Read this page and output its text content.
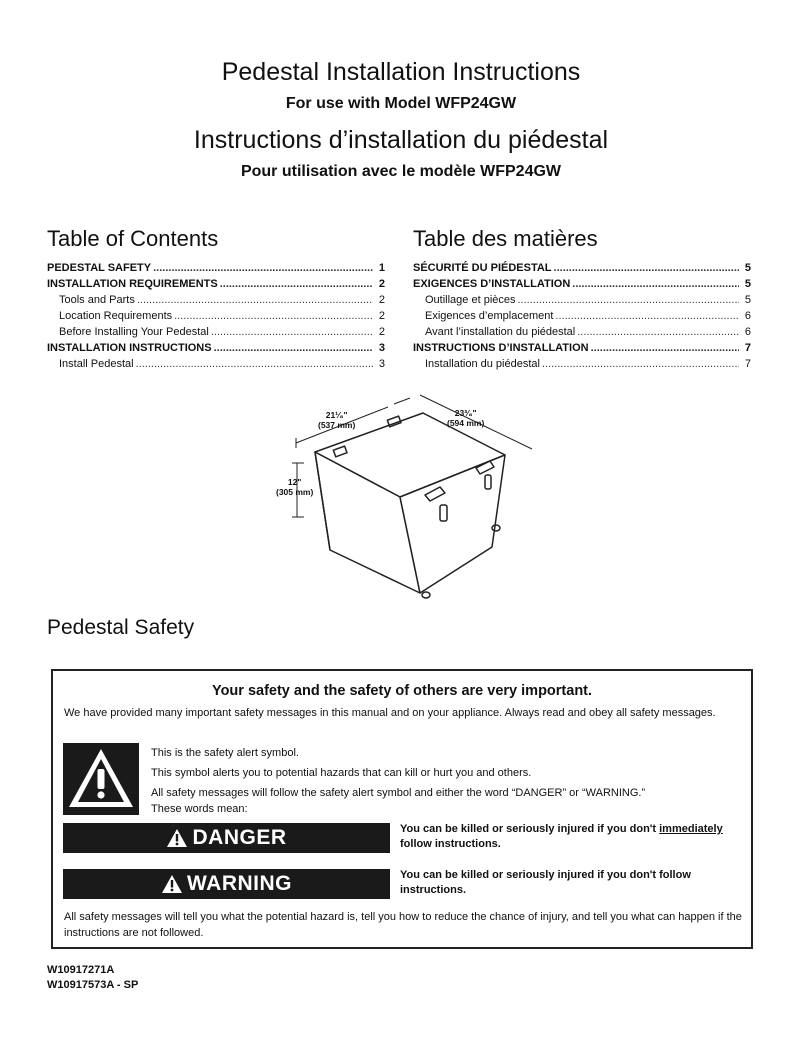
Pedestal Installation Instructions
For use with Model WFP24GW
Instructions d’installation du piédestal
Pour utilisation avec le modèle WFP24GW
Table of Contents
PEDESTAL SAFETY .....	1
INSTALLATION REQUIREMENTS .....	2
Tools and Parts .....	2
Location Requirements .....	2
Before Installing Your Pedestal .....	2
INSTALLATION INSTRUCTIONS .....	3
Install Pedestal .....	3
Table des matières
SÉCURITÉ DU PIÉDESTAL .....	5
EXIGENCES D’INSTALLATION .....	5
Outillage et pièces .....	5
Exigences d’emplacement .....	6
Avant l’installation du piédestal .....	6
INSTRUCTIONS D’INSTALLATION .....	7
Installation du piédestal .....	7
21¹⁄₈"
(537 mm)
23³⁄₈"
(594 mm)
12"
(305 mm)
Pedestal Safety
Your safety and the safety of others are very important.
We have provided many important safety messages in this manual and on your appliance. Always read and obey all safety messages.

This is the safety alert symbol.

This symbol alerts you to potential hazards that can kill or hurt you and others.

All safety messages will follow the safety alert symbol and either the word “DANGER” or “WARNING.”

These words mean:

DANGER	You can be killed or seriously injured if you don't immediately
follow instructions.
WARNING	You can be killed or seriously injured if you don't follow instructions.
All safety messages will tell you what the potential hazard is, tell you how to reduce the chance of injury, and tell you what can happen if the instructions are not followed.
W10917271A
W10917573A - SP
